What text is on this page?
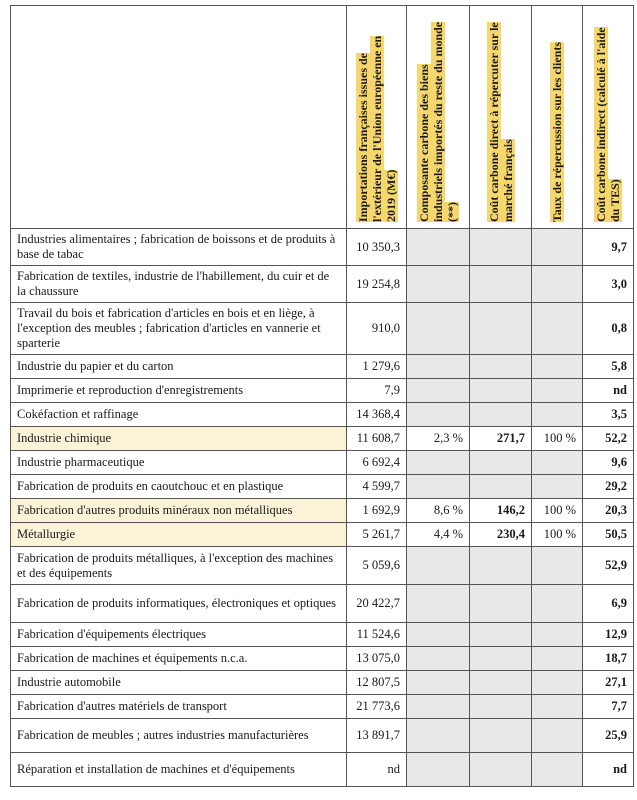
	Importations françaises issues de l'extérieur de l'Union européenne en 2019 (M€)	Composante carbone des biens industriels importés du reste du monde (**)	Coût carbone direct à répercuter sur le marché français	Taux de répercussion sur les clients	Coût carbone indirect (calculé à l'aide du TES)

Industries alimentaires ; fabrication de boissons et de produits à base de tabac	10 350,3				9,7
Fabrication de textiles, industrie de l'habillement, du cuir et de la chaussure	19 254,8				3,0
Travail du bois et fabrication d'articles en bois et en liège, à l'exception des meubles ; fabrication d'articles en vannerie et sparterie	910,0				0,8
Industrie du papier et du carton	1 279,6				5,8
Imprimerie et reproduction d'enregistrements	7,9				nd
Cokéfaction et raffinage	14 368,4				3,5
Industrie chimique	11 608,7	2,3 %	271,7	100 %	52,2
Industrie pharmaceutique	6 692,4				9,6
Fabrication de produits en caoutchouc et en plastique	4 599,7				29,2
Fabrication d'autres produits minéraux non métalliques	1 692,9	8,6 %	146,2	100 %	20,3
Métallurgie	5 261,7	4,4 %	230,4	100 %	50,5
Fabrication de produits métalliques, à l'exception des machines et des équipements	5 059,6				52,9
Fabrication de produits informatiques, électroniques et optiques	20 422,7				6,9
Fabrication d'équipements électriques	11 524,6				12,9
Fabrication de machines et équipements n.c.a.	13 075,0				18,7
Industrie automobile	12 807,5				27,1
Fabrication d'autres matériels de transport	21 773,6				7,7
Fabrication de meubles ; autres industries manufacturières	13 891,7				25,9
Réparation et installation de machines et d'équipements	nd				nd
